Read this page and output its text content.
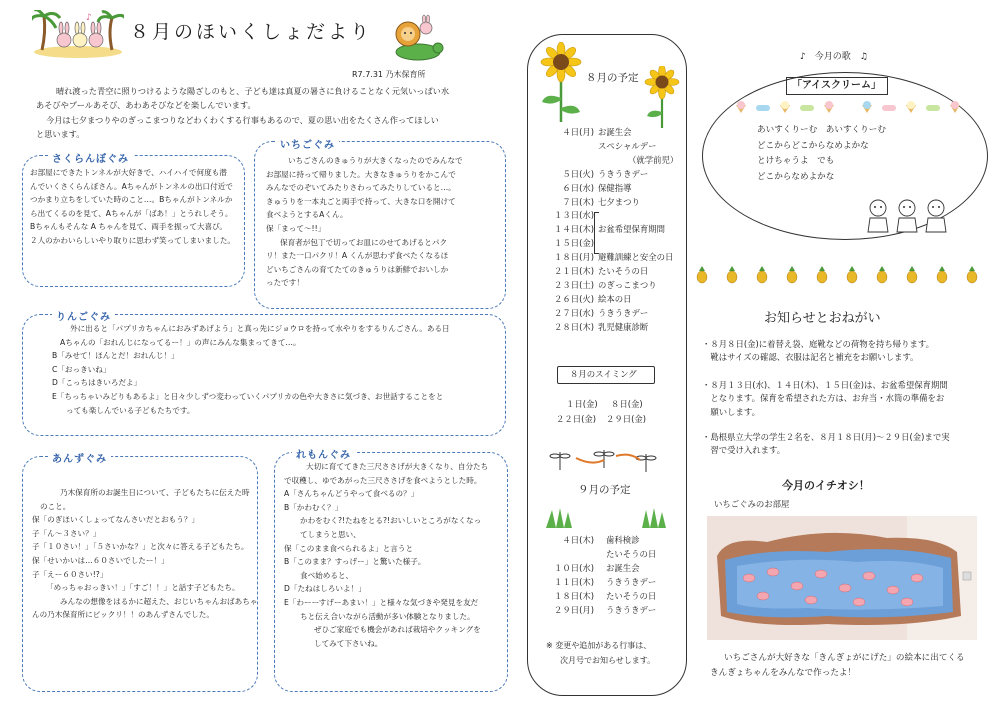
♪
８月のほいくしょだより
R7.7.31 乃木保育所
晴れ渡った青空に照りつけるような陽ざしのもと、子ども達は真夏の暑さに負けることなく元気いっぱい水
あそびやプールあそび、あわあそびなどを楽しんでいます。
今月は七夕まつりやのぎっこまつりなどわくわくする行事もあるので、夏の思い出をたくさん作ってほしい
と思います。
さくらんぼぐみ
お部屋にできたトンネルが大好きで、ハイハイで何度も潜
んでいくさくらんぼさん。Aちゃんがトンネルの出口付近で
つかまり立ちをしていた時のこと…。Bちゃんがトンネルか
ら出てくるのを見て、Aちゃんが「ばあ！」とうれしそう。
Bちゃんもそんな A ちゃんを見て、両手を振って大喜び。
２人のかわいらしいやり取りに思わず笑ってしまいました。
いちごぐみ
いちごさんのきゅうりが大きくなったのでみんなで
お部屋に持って帰りました。大きなきゅうりをかこんで
みんなでのぞいてみたりさわってみたりしていると…。
きゅうりを一本丸ごと両手で持って、大きな口を開けて
食べようとするAくん。
保「まって～!!」
保育者が包丁で切ってお皿にのせてあげるとパク
リ！また一口パクリ！A くんが思わず食べたくなるほ
どいちごさんの育てたてのきゅうりは新鮮でおいしか
ったです！
りんごぐみ
外に出ると「パプリカちゃんにおみずあげよう」と真っ先にジョウロを持って水やりをするりんごさん。ある日
Aちゃんの「おれんじになってるー！」の声にみんな集まってきて…。
B「みせて！ほんとだ！おれんじ！」
C「おっきいね」
D「こっちはきいろだよ」
E「ちっちゃいみどりもあるよ」と日々少しずつ変わっていくパプリカの色や大きさに気づき、お世話することをと
っても楽しんでいる子どもたちです。
あんずぐみ
乃木保育所のお誕生日について、子どもたちに伝えた時
のこと。
保「のぎほいくしょってなんさいだとおもう？」
子「ん～３さい？」
子「１０さい！」「５さいかな？」と次々に答える子どもたち。
保「せいかいは…６０さいでしたー！」
子「えー６０さい!?」
「めっちゃおっきい！」「すご！！」と話す子どもたち。
みんなの想像をはるかに超えた、おじいちゃんおばあちゃ
んの乃木保育所にビックリ！！のあんずさんでした。
れもんぐみ
大切に育ててきた三尺ささげが大きくなり、自分たち
で収穫し、ゆであがった三尺ささげを食べようとした時。
A「さんちゃんどうやって食べるの？」
B「かわむく？」
かわをむく?!たねをとる?!おいしいところがなくなっ
てしまうと思い、
保「このまま食べられるよ」と言うと
B「このまま？すっげー」と驚いた様子。
食べ始めると、
D「たねはしろいよ！」
E「わーーすげーあまい！」と様々な気づきや発見を友だ
ちと伝え合いながら活動が多い体験となりました。
ぜひご家庭でも機会があれば栽培やクッキングを
してみて下さいね。
８月の予定
４日(月)

５日(火)
６日(水)
７日(木)
１３日(水)
１４日(木)
１５日(金)
１８日(月)
２１日(木)
２３日(土)
２６日(火)
２７日(水)
２８日(木)
お誕生会
スペシャルデー
（就学前児）
うきうきデー
保健指導
七夕まつり

お盆希望保育期間

避難訓練と安全の日
たいそうの日
のぎっこまつり
絵本の日
うきうきデー
乳児健康診断
８月のスイミング
１日(金) ８日(金)
２２日(金) ２９日(金)
９月の予定
４日(木)

１０日(水)
１１日(木)
１８日(木)
２９日(月)
歯科検診
たいそうの日
お誕生会
うきうきデー
たいそうの日
うきうきデー
※ 変更や追加がある行事は、
次月号でお知らせします。
♪　今月の歌　♫
「アイスクリーム」
あいすくりーむ　あいすくりーむ
どこからどこからなめよかな
とけちゃうよ　でも
どこからなめよかな
お知らせとおねがい
・８月８日(金)に着替え袋、庭靴などの荷物を持ち帰ります。
　靴はサイズの確認、衣服は記名と補充をお願いします。
・８月１３日(水)、１４日(木)、１５日(金)は、お盆希望保育期間
　となります。保育を希望された方は、お弁当・水筒の準備をお
　願いします。
・島根県立大学の学生２名を、８月１８日(月)～２９日(金)まで実
　習で受け入れます。
今月のイチオシ！
いちごぐみのお部屋
いちごさんが大好きな「きんぎょがにげた」の絵本に出てくる
きんぎょちゃんをみんなで作ったよ！
